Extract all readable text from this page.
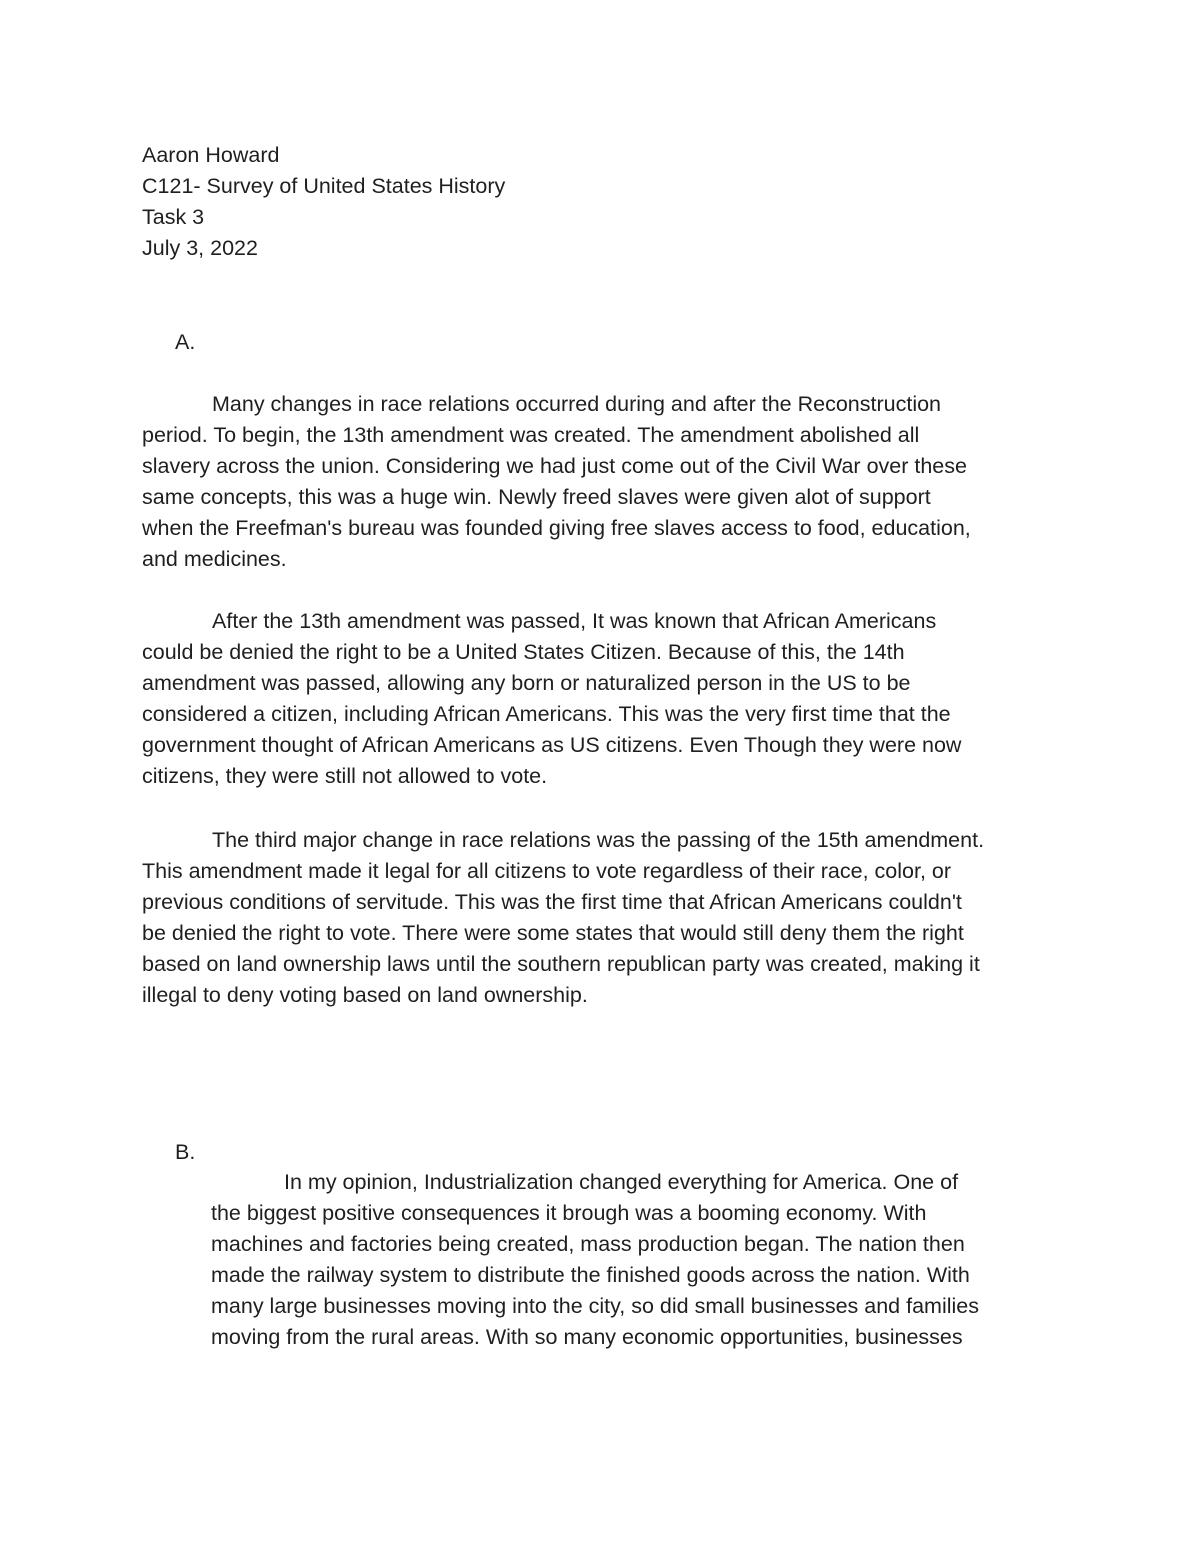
Aaron Howard

C121- Survey of United States History

Task 3

July 3, 2022

A.

Many changes in race relations occurred during and after the Reconstruction

period. To begin, the 13th amendment was created. The amendment abolished all

slavery across the union. Considering we had just come out of the Civil War over these

same concepts, this was a huge win. Newly freed slaves were given alot of support

when the Freefman's bureau was founded giving free slaves access to food, education,

and medicines.

After the 13th amendment was passed, It was known that African Americans

could be denied the right to be a United States Citizen. Because of this, the 14th

amendment was passed, allowing any born or naturalized person in the US to be

considered a citizen, including African Americans. This was the very first time that the

government thought of African Americans as US citizens. Even Though they were now

citizens, they were still not allowed to vote.

The third major change in race relations was the passing of the 15th amendment.

This amendment made it legal for all citizens to vote regardless of their race, color, or

previous conditions of servitude. This was the first time that African Americans couldn't

be denied the right to vote. There were some states that would still deny them the right

based on land ownership laws until the southern republican party was created, making it

illegal to deny voting based on land ownership.

B.

In my opinion, Industrialization changed everything for America. One of

the biggest positive consequences it brough was a booming economy. With

machines and factories being created, mass production began. The nation then

made the railway system to distribute the finished goods across the nation. With

many large businesses moving into the city, so did small businesses and families

moving from the rural areas. With so many economic opportunities, businesses
